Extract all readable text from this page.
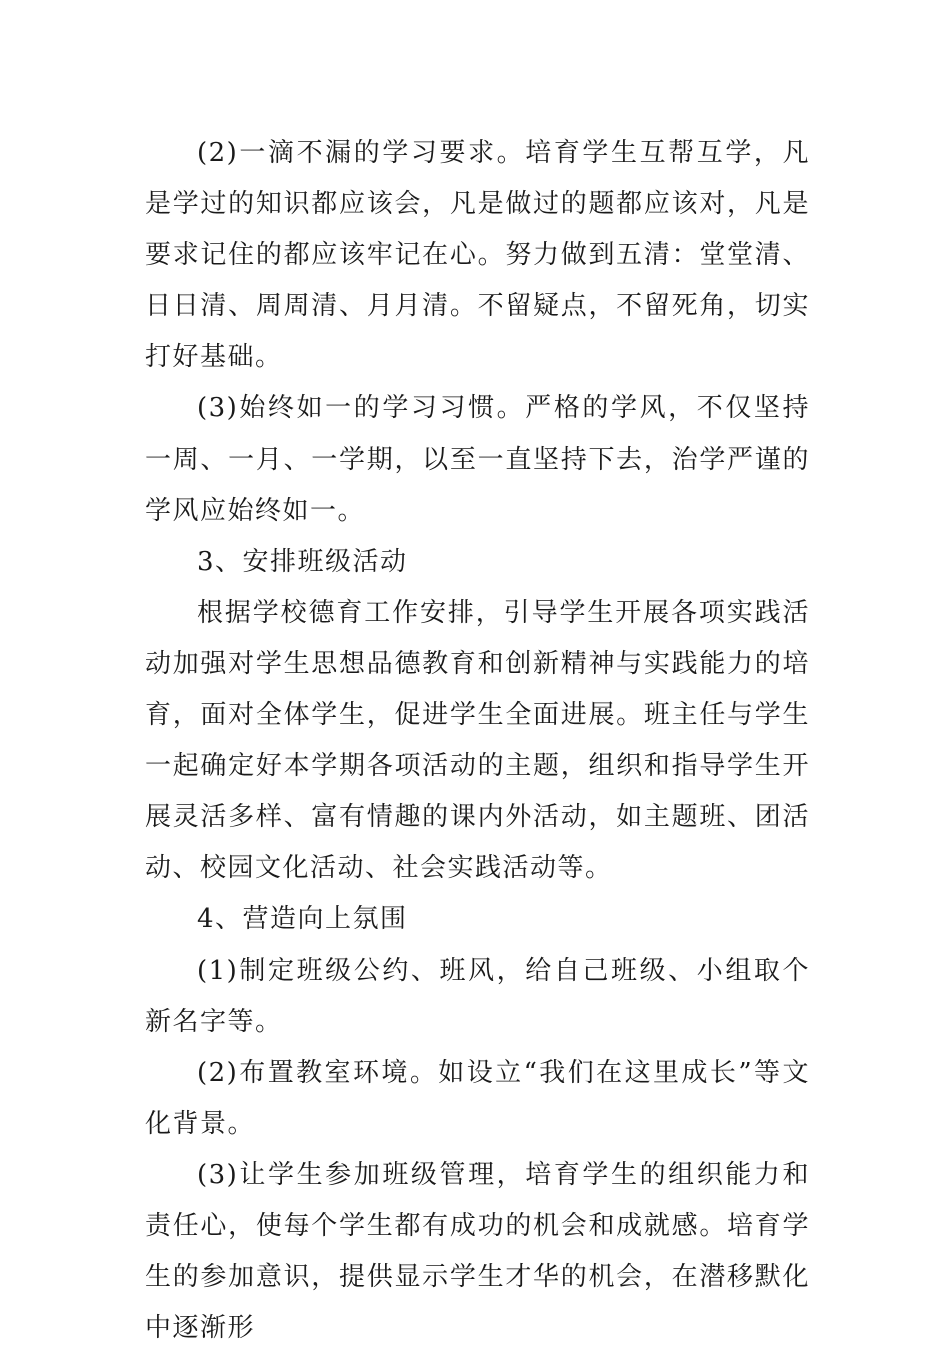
(2)一滴不漏的学习要求。培育学生互帮互学，凡是学过的知识都应该会，凡是做过的题都应该对，凡是要求记住的都应该牢记在心。努力做到五清：堂堂清、日日清、周周清、月月清。不留疑点，不留死角，切实打好基础。

(3)始终如一的学习习惯。严格的学风，不仅坚持一周、一月、一学期，以至一直坚持下去，治学严谨的学风应始终如一。

3、安排班级活动

根据学校德育工作安排，引导学生开展各项实践活动加强对学生思想品德教育和创新精神与实践能力的培育，面对全体学生，促进学生全面进展。班主任与学生一起确定好本学期各项活动的主题，组织和指导学生开展灵活多样、富有情趣的课内外活动，如主题班、团活动、校园文化活动、社会实践活动等。

4、营造向上氛围

(1)制定班级公约、班风，给自己班级、小组取个新名字等。

(2)布置教室环境。如设立“我们在这里成长”等文化背景。

(3)让学生参加班级管理，培育学生的组织能力和责任心，使每个学生都有成功的机会和成就感。培育学生的参加意识，提供显示学生才华的机会，在潜移默化中逐渐形
